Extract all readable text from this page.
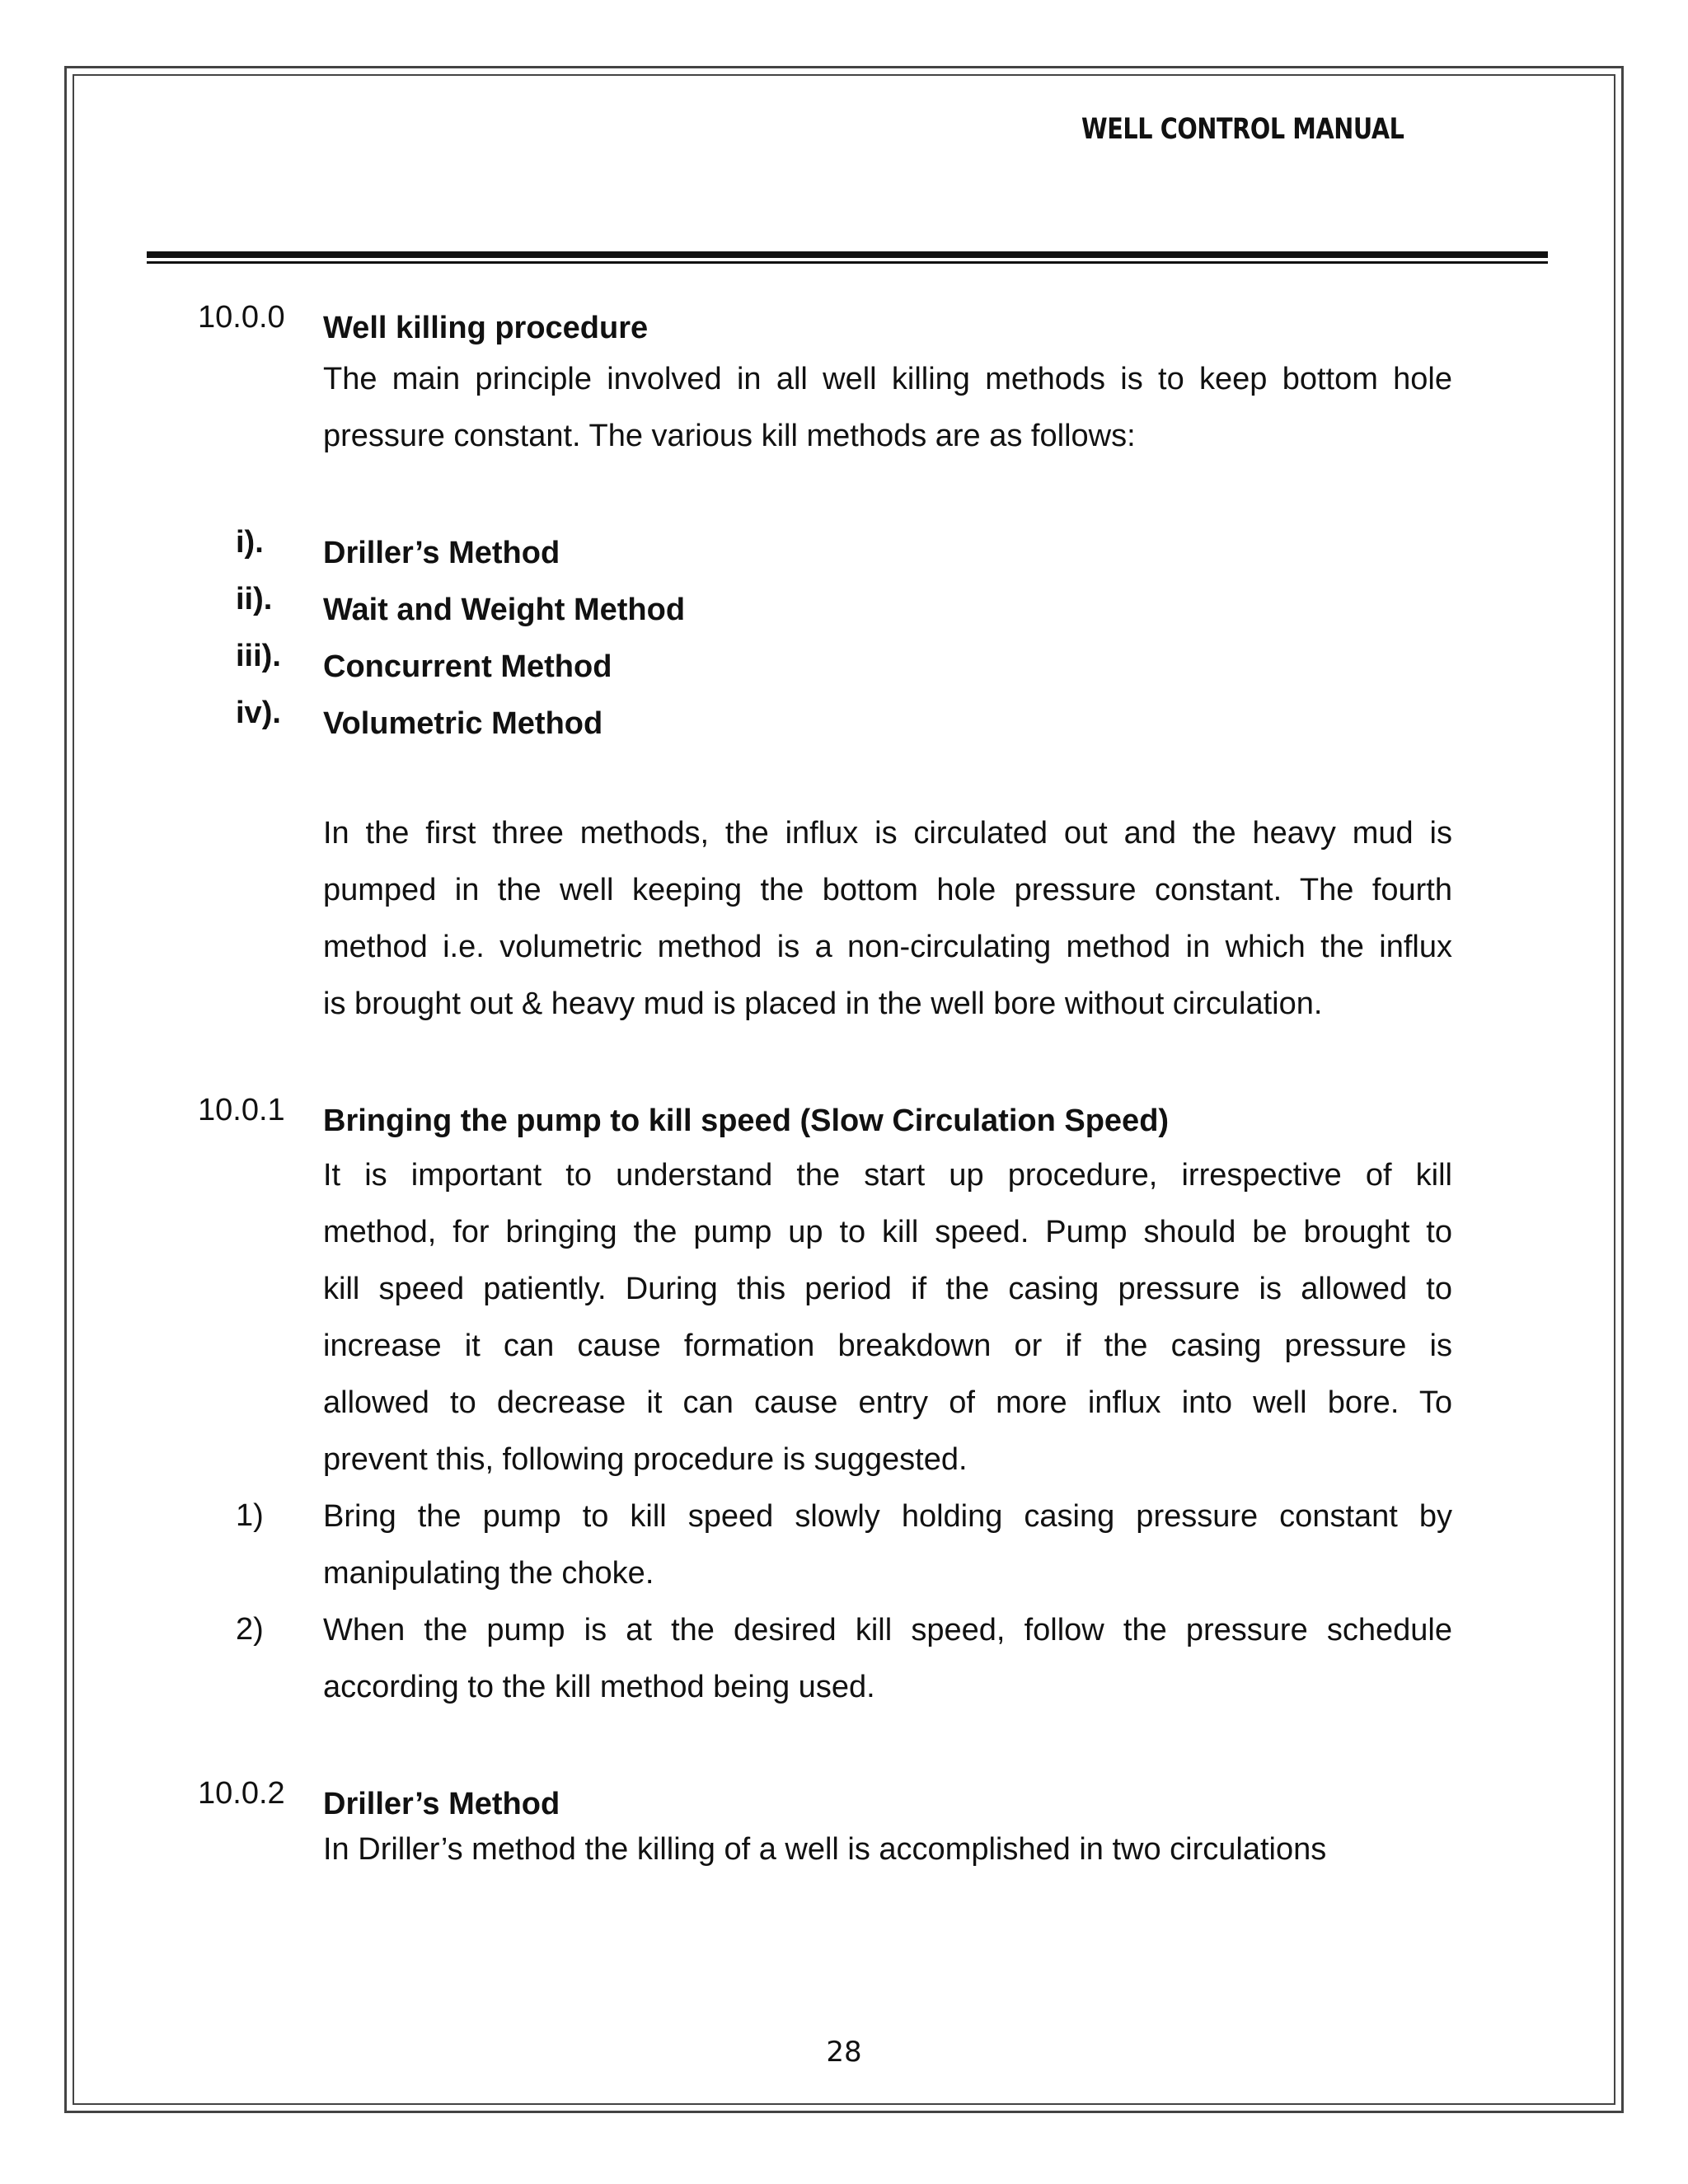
WELL CONTROL MANUAL
10.0.0 Well killing procedure
The main principle involved in all well killing methods is to keep bottom hole
pressure constant. The various kill methods are as follows:
i). Driller’s Method
ii). Wait and Weight Method
iii). Concurrent Method
iv). Volumetric Method
In the first three methods, the influx is circulated out and the heavy mud is
pumped in the well keeping the bottom hole pressure constant. The fourth
method i.e. volumetric method is a non-circulating method in which the influx
is brought out & heavy mud is placed in the well bore without circulation.
10.0.1 Bringing the pump to kill speed (Slow Circulation Speed)
It is important to understand the start up procedure, irrespective of kill
method, for bringing the pump up to kill speed. Pump should be brought to
kill speed patiently. During this period if the casing pressure is allowed to
increase it can cause formation breakdown or if the casing pressure is
allowed to decrease it can cause entry of more influx into well bore. To
prevent this, following procedure is suggested.
1) Bring the pump to kill speed slowly holding casing pressure constant by
manipulating the choke.
2) When the pump is at the desired kill speed, follow the pressure schedule
according to the kill method being used.
10.0.2 Driller’s Method
In Driller’s method the killing of a well is accomplished in two circulations
28
